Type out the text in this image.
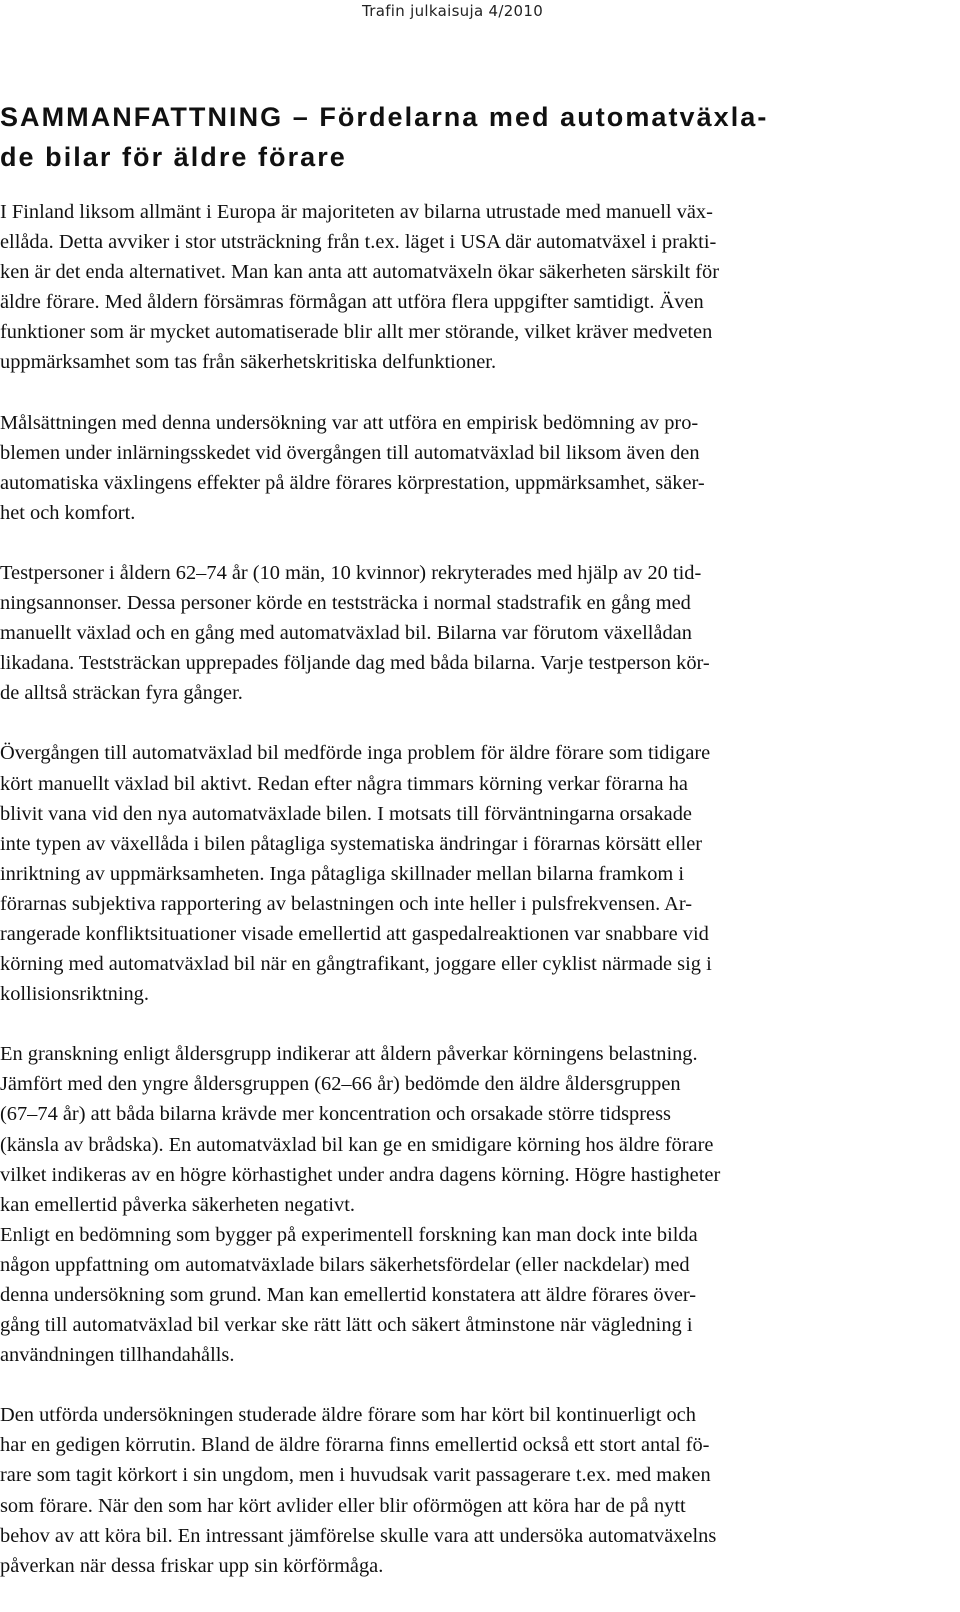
Trafin julkaisuja 4/2010
SAMMANFATTNING – Fördelarna med automatväxla-
de bilar för äldre förare

I Finland liksom allmänt i Europa är majoriteten av bilarna utrustade med manuell väx-
ellåda. Detta avviker i stor utsträckning från t.ex. läget i USA där automatväxel i prakti-
ken är det enda alternativet. Man kan anta att automatväxeln ökar säkerheten särskilt för
äldre förare. Med åldern försämras förmågan att utföra flera uppgifter samtidigt. Även
funktioner som är mycket automatiserade blir allt mer störande, vilket kräver medveten
uppmärksamhet som tas från säkerhetskritiska delfunktioner.

Målsättningen med denna undersökning var att utföra en empirisk bedömning av pro-
blemen under inlärningsskedet vid övergången till automatväxlad bil liksom även den
automatiska växlingens effekter på äldre förares körprestation, uppmärksamhet, säker-
het och komfort.

Testpersoner i åldern 62–74 år (10 män, 10 kvinnor) rekryterades med hjälp av 20 tid-
ningsannonser. Dessa personer körde en teststräcka i normal stadstrafik en gång med
manuellt växlad och en gång med automatväxlad bil. Bilarna var förutom växellådan
likadana. Teststräckan upprepades följande dag med båda bilarna. Varje testperson kör-
de alltså sträckan fyra gånger.

Övergången till automatväxlad bil medförde inga problem för äldre förare som tidigare
kört manuellt växlad bil aktivt. Redan efter några timmars körning verkar förarna ha
blivit vana vid den nya automatväxlade bilen. I motsats till förväntningarna orsakade
inte typen av växellåda i bilen påtagliga systematiska ändringar i förarnas körsätt eller
inriktning av uppmärksamheten. Inga påtagliga skillnader mellan bilarna framkom i
förarnas subjektiva rapportering av belastningen och inte heller i pulsfrekvensen. Ar-
rangerade konfliktsituationer visade emellertid att gaspedalreaktionen var snabbare vid
körning med automatväxlad bil när en gångtrafikant, joggare eller cyklist närmade sig i
kollisionsriktning.

En granskning enligt åldersgrupp indikerar att åldern påverkar körningens belastning.
Jämfört med den yngre åldersgruppen (62–66 år) bedömde den äldre åldersgruppen
(67–74 år) att båda bilarna krävde mer koncentration och orsakade större tidspress
(känsla av brådska). En automatväxlad bil kan ge en smidigare körning hos äldre förare
vilket indikeras av en högre körhastighet under andra dagens körning. Högre hastigheter
kan emellertid påverka säkerheten negativt.

Enligt en bedömning som bygger på experimentell forskning kan man dock inte bilda
någon uppfattning om automatväxlade bilars säkerhetsfördelar (eller nackdelar) med
denna undersökning som grund. Man kan emellertid konstatera att äldre förares över-
gång till automatväxlad bil verkar ske rätt lätt och säkert åtminstone när vägledning i
användningen tillhandahålls.

Den utförda undersökningen studerade äldre förare som har kört bil kontinuerligt och
har en gedigen körrutin. Bland de äldre förarna finns emellertid också ett stort antal fö-
rare som tagit körkort i sin ungdom, men i huvudsak varit passagerare t.ex. med maken
som förare. När den som har kört avlider eller blir oförmögen att köra har de på nytt
behov av att köra bil. En intressant jämförelse skulle vara att undersöka automatväxelns
påverkan när dessa friskar upp sin körförmåga.
